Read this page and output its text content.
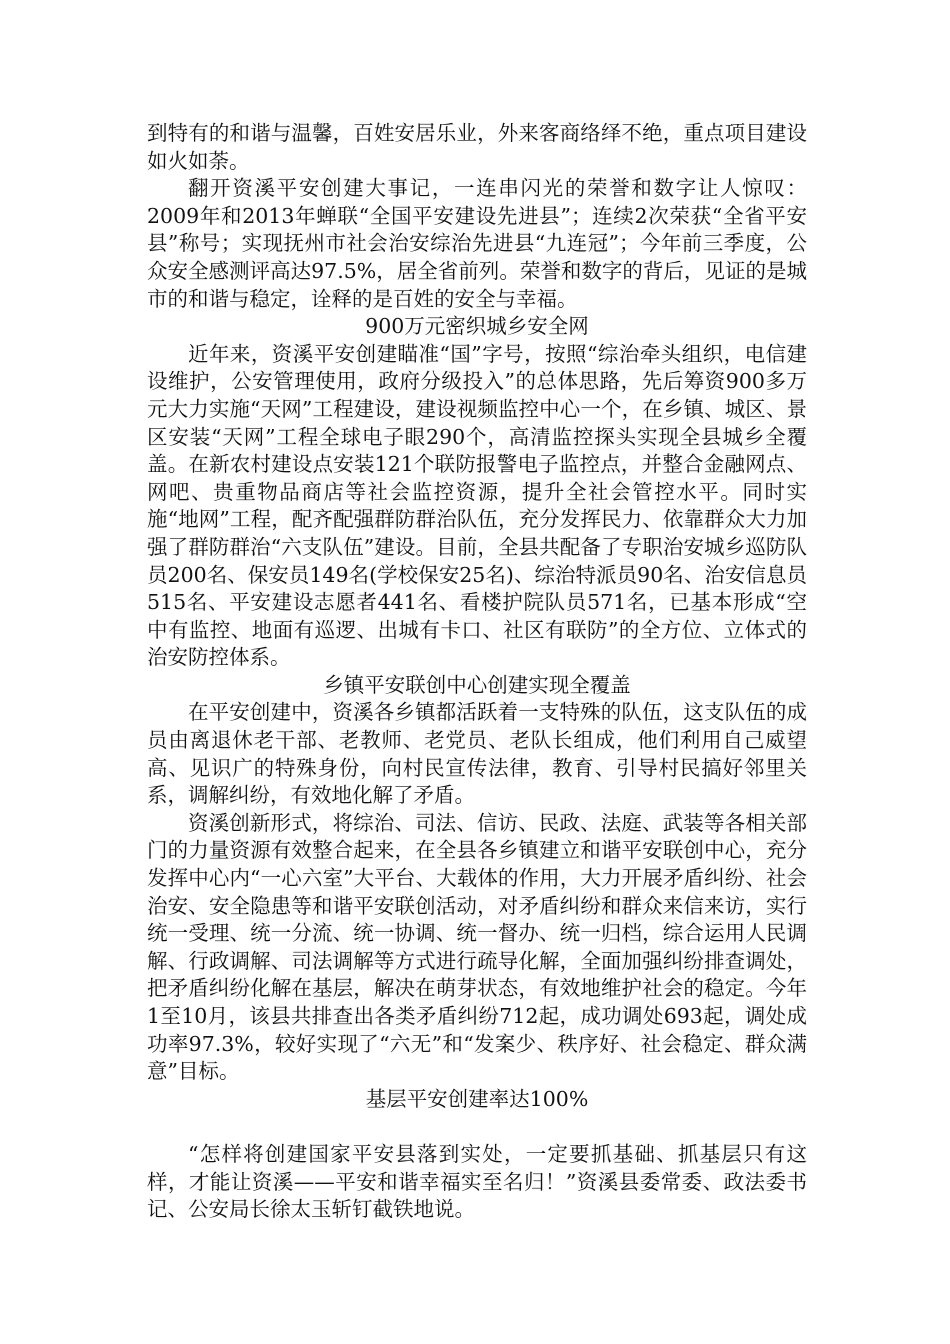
到特有的和谐与温馨，百姓安居乐业，外来客商络绎不绝，重点项目建设如火如荼。

翻开资溪平安创建大事记，一连串闪光的荣誉和数字让人惊叹：2009年和2013年蝉联“全国平安建设先进县”；连续2次荣获“全省平安县”称号；实现抚州市社会治安综治先进县“九连冠”；今年前三季度，公众安全感测评高达97.5%，居全省前列。荣誉和数字的背后，见证的是城市的和谐与稳定，诠释的是百姓的安全与幸福。

900万元密织城乡安全网

近年来，资溪平安创建瞄准“国”字号，按照“综治牵头组织，电信建设维护，公安管理使用，政府分级投入”的总体思路，先后筹资900多万元大力实施“天网”工程建设，建设视频监控中心一个，在乡镇、城区、景区安装“天网”工程全球电子眼290个，高清监控探头实现全县城乡全覆盖。在新农村建设点安装121个联防报警电子监控点，并整合金融网点、网吧、贵重物品商店等社会监控资源，提升全社会管控水平。同时实施“地网”工程，配齐配强群防群治队伍，充分发挥民力、依靠群众大力加强了群防群治“六支队伍”建设。目前，全县共配备了专职治安城乡巡防队员200名、保安员149名(学校保安25名)、综治特派员90名、治安信息员515名、平安建设志愿者441名、看楼护院队员571名，已基本形成“空中有监控、地面有巡逻、出城有卡口、社区有联防”的全方位、立体式的治安防控体系。

乡镇平安联创中心创建实现全覆盖

在平安创建中，资溪各乡镇都活跃着一支特殊的队伍，这支队伍的成员由离退休老干部、老教师、老党员、老队长组成，他们利用自己威望高、见识广的特殊身份，向村民宣传法律，教育、引导村民搞好邻里关系，调解纠纷，有效地化解了矛盾。

资溪创新形式，将综治、司法、信访、民政、法庭、武装等各相关部门的力量资源有效整合起来，在全县各乡镇建立和谐平安联创中心，充分发挥中心内“一心六室”大平台、大载体的作用，大力开展矛盾纠纷、社会治安、安全隐患等和谐平安联创活动，对矛盾纠纷和群众来信来访，实行统一受理、统一分流、统一协调、统一督办、统一归档，综合运用人民调解、行政调解、司法调解等方式进行疏导化解，全面加强纠纷排查调处，把矛盾纠纷化解在基层，解决在萌芽状态，有效地维护社会的稳定。今年1至10月，该县共排查出各类矛盾纠纷712起，成功调处693起，调处成功率97.3%，较好实现了“六无”和“发案少、秩序好、社会稳定、群众满意”目标。

基层平安创建率达100%

“怎样将创建国家平安县落到实处，一定要抓基础、抓基层只有这样，才能让资溪——平安和谐幸福实至名归！”资溪县委常委、政法委书记、公安局长徐太玉斩钉截铁地说。
